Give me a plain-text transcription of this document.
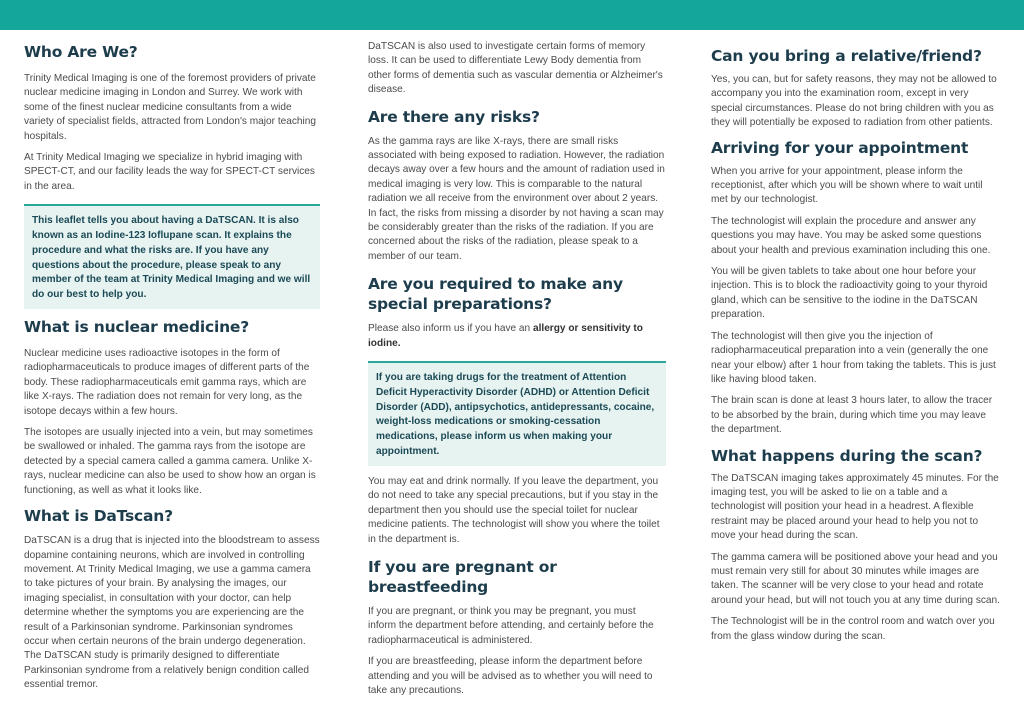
Who Are We?

Trinity Medical Imaging is one of the foremost providers of private nuclear medicine imaging in London and Surrey. We work with some of the finest nuclear medicine consultants from a wide variety of specialist fields, attracted from London's major teaching hospitals.

At Trinity Medical Imaging we specialize in hybrid imaging with SPECT-CT, and our facility leads the way for SPECT-CT services in the area.

This leaflet tells you about having a DaTSCAN. It is also known as an Iodine-123 Ioflupane scan. It explains the procedure and what the risks are. If you have any questions about the procedure, please speak to any member of the team at Trinity Medical Imaging and we will do our best to help you.

What is nuclear medicine?

Nuclear medicine uses radioactive isotopes in the form of radiopharmaceuticals to produce images of different parts of the body. These radiopharmaceuticals emit gamma rays, which are like X-rays. The radiation does not remain for very long, as the isotope decays within a few hours.

The isotopes are usually injected into a vein, but may sometimes be swallowed or inhaled. The gamma rays from the isotope are detected by a special camera called a gamma camera. Unlike X-rays, nuclear medicine can also be used to show how an organ is functioning, as well as what it looks like.

What is DaTscan?

DaTSCAN is a drug that is injected into the bloodstream to assess dopamine containing neurons, which are involved in controlling movement. At Trinity Medical Imaging, we use a gamma camera to take pictures of your brain. By analysing the images, our imaging specialist, in consultation with your doctor, can help determine whether the symptoms you are experiencing are the result of a Parkinsonian syndrome. Parkinsonian syndromes occur when certain neurons of the brain undergo degeneration. The DaTSCAN study is primarily designed to differentiate Parkinsonian syndrome from a relatively benign condition called essential tremor.

DaTSCAN is also used to investigate certain forms of memory loss. It can be used to differentiate Lewy Body dementia from other forms of dementia such as vascular dementia or Alzheimer's disease.

Are there any risks?

As the gamma rays are like X-rays, there are small risks associated with being exposed to radiation. However, the radiation decays away over a few hours and the amount of radiation used in medical imaging is very low. This is comparable to the natural radiation we all receive from the environment over about 2 years. In fact, the risks from missing a disorder by not having a scan may be considerably greater than the risks of the radiation. If you are concerned about the risks of the radiation, please speak to a member of our team.

Are you required to make any
special preparations?

Please also inform us if you have an allergy or sensitivity to iodine.

If you are taking drugs for the treatment of Attention Deficit Hyperactivity Disorder (ADHD) or Attention Deficit Disorder (ADD), antipsychotics, antidepressants, cocaine, weight-loss medications or smoking-cessation medications, please inform us when making your appointment.

You may eat and drink normally. If you leave the department, you do not need to take any special precautions, but if you stay in the department then you should use the special toilet for nuclear medicine patients. The technologist will show you where the toilet in the department is.

If you are pregnant or breastfeeding

If you are pregnant, or think you may be pregnant, you must inform the department before attending, and certainly before the radiopharmaceutical is administered.

If you are breastfeeding, please inform the department before attending and you will be advised as to whether you will need to take any precautions.

Can you bring a relative/friend?

Yes, you can, but for safety reasons, they may not be allowed to accompany you into the examination room, except in very special circumstances. Please do not bring children with you as they will potentially be exposed to radiation from other patients.

Arriving for your appointment

When you arrive for your appointment, please inform the receptionist, after which you will be shown where to wait until met by our technologist.

The technologist will explain the procedure and answer any questions you may have. You may be asked some questions about your health and previous examination including this one.

You will be given tablets to take about one hour before your injection. This is to block the radioactivity going to your thyroid gland, which can be sensitive to the iodine in the DaTSCAN preparation.

The technologist will then give you the injection of radiopharmaceutical preparation into a vein (generally the one near your elbow) after 1 hour from taking the tablets. This is just like having blood taken.

The brain scan is done at least 3 hours later, to allow the tracer to be absorbed by the brain, during which time you may leave the department.

What happens during the scan?

The DaTSCAN imaging takes approximately 45 minutes. For the imaging test, you will be asked to lie on a table and a technologist will position your head in a headrest. A flexible restraint may be placed around your head to help you not to move your head during the scan.

The gamma camera will be positioned above your head and you must remain very still for about 30 minutes while images are taken. The scanner will be very close to your head and rotate around your head, but will not touch you at any time during scan.

The Technologist will be in the control room and watch over you from the glass window during the scan.
